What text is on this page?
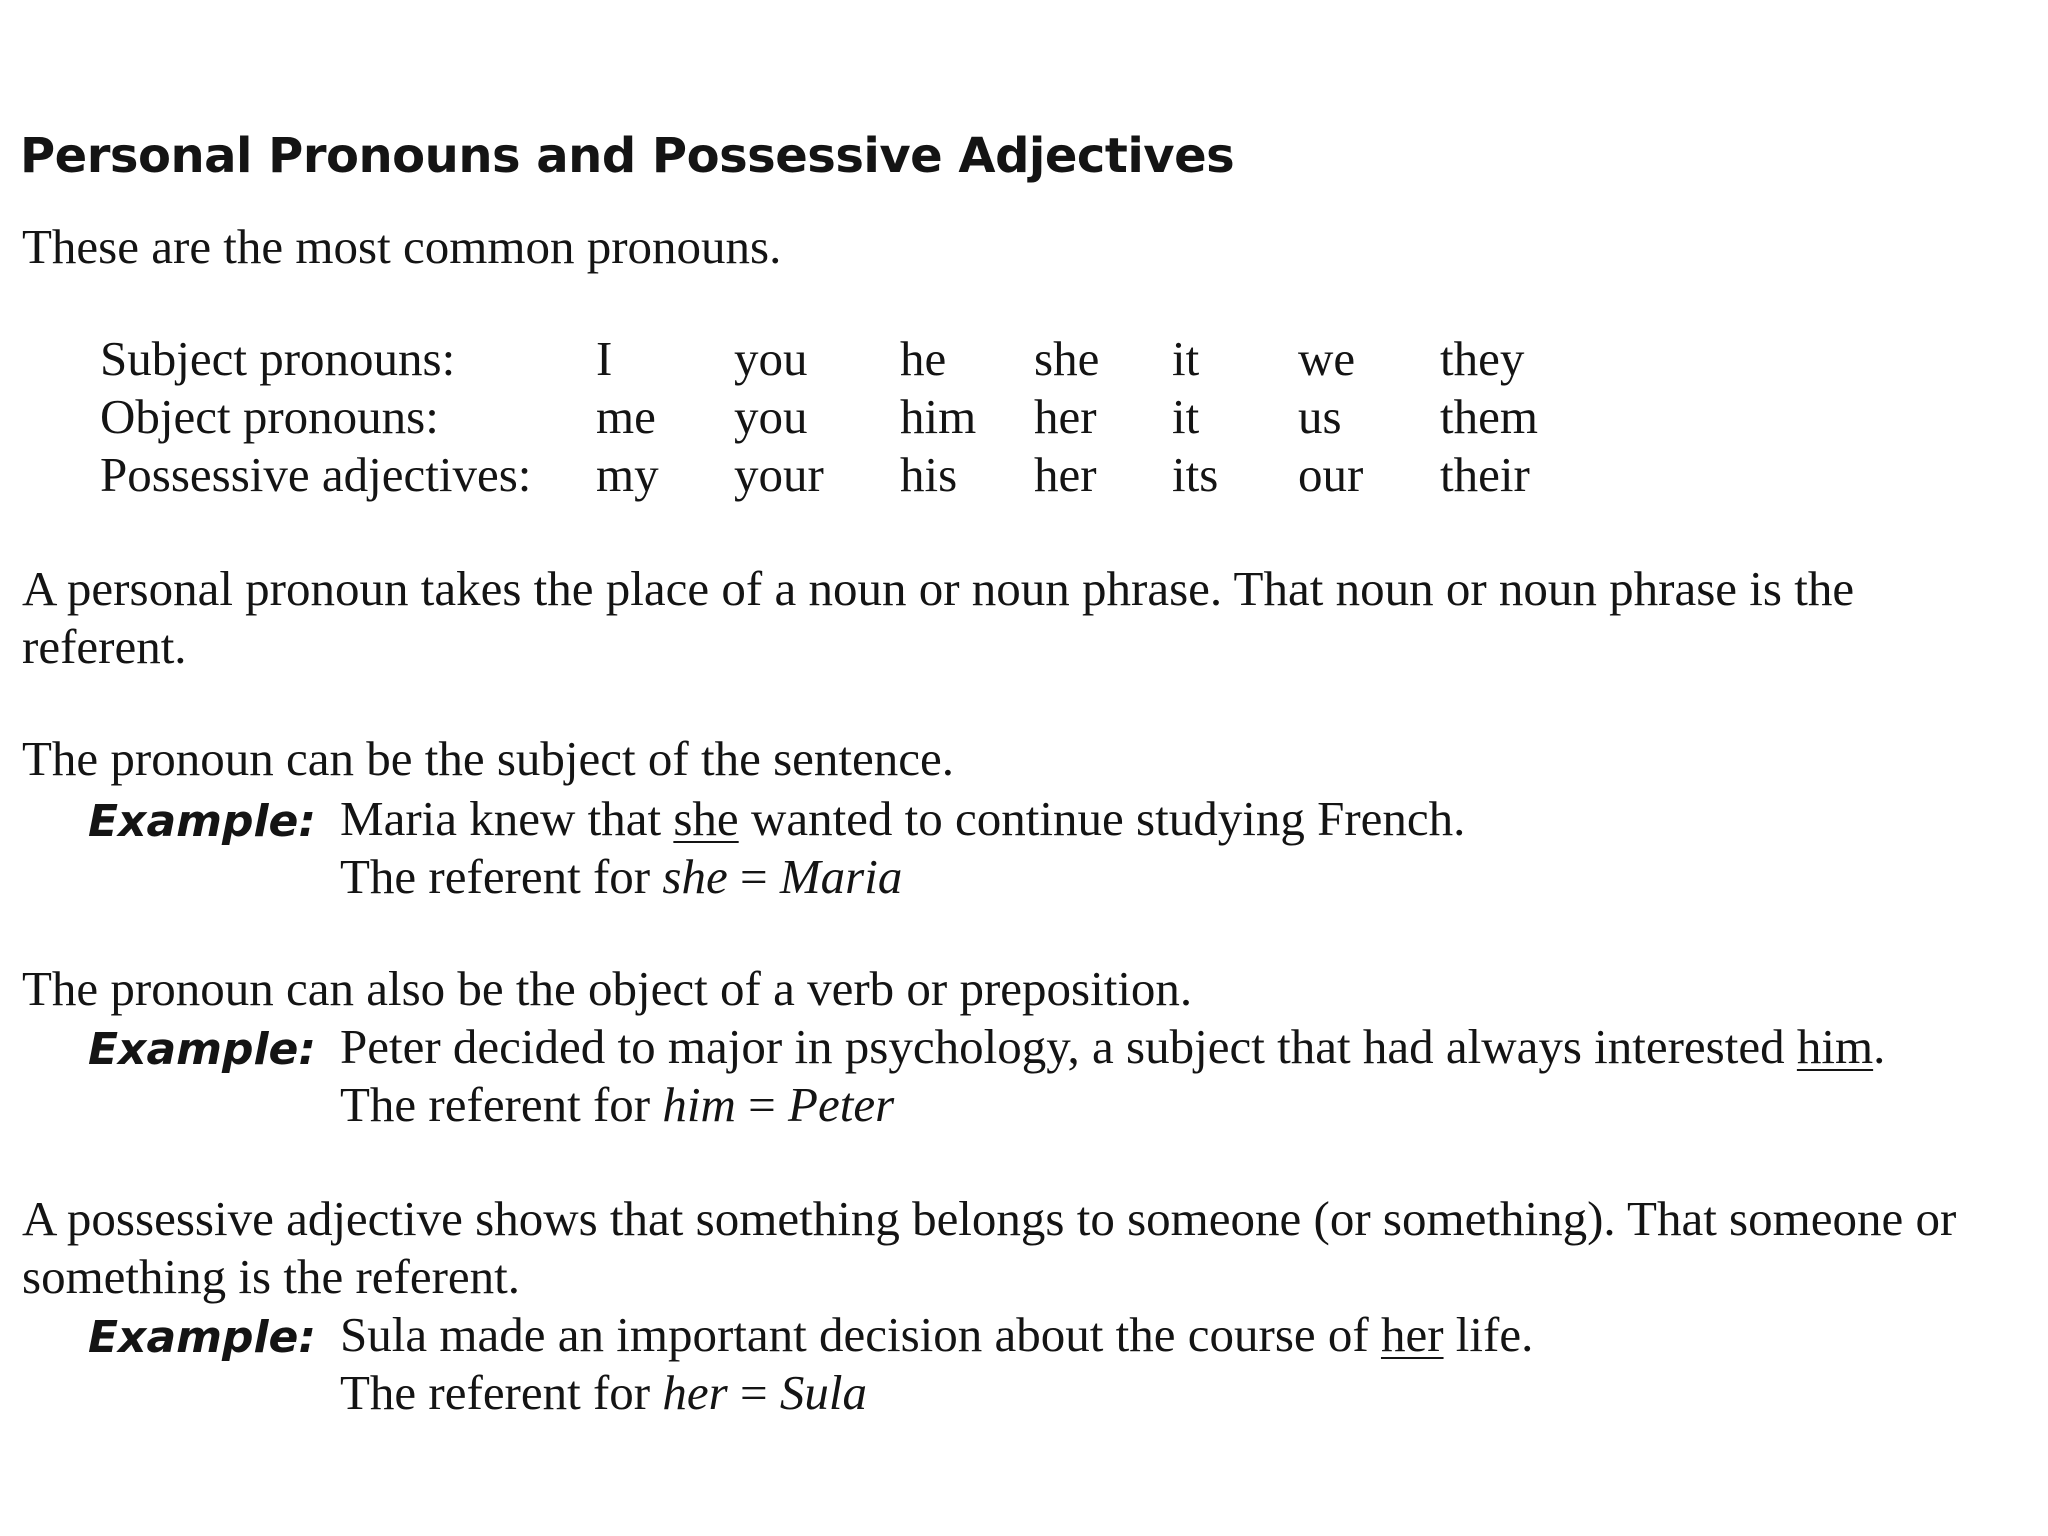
Personal Pronouns and Possessive Adjectives
These are the most common pronouns.
Subject pronouns:	I you he she it we they
Object pronouns:	me you him her it us them
Possessive adjectives: my your his her its our their
A personal pronoun takes the place of a noun or noun phrase. That noun or noun phrase is the
referent.
The pronoun can be the subject of the sentence.
Example: Maria knew that she wanted to continue studying French.
The referent for she = Maria
The pronoun can also be the object of a verb or preposition.
Example: Peter decided to major in psychology, a subject that had always interested him.
The referent for him = Peter
A possessive adjective shows that something belongs to someone (or something). That someone or
something is the referent.
Example: Sula made an important decision about the course of her life.
The referent for her = Sula
